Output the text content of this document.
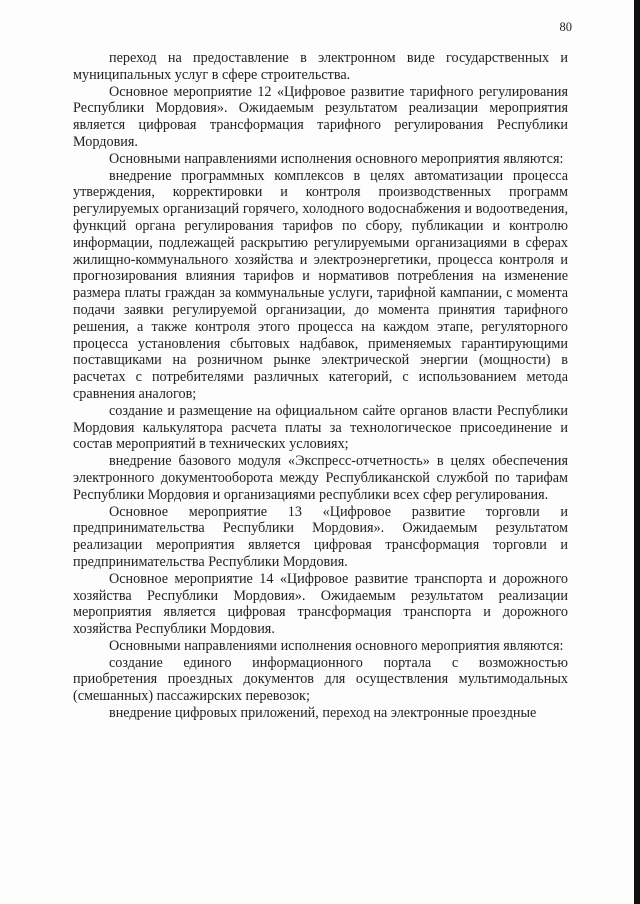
80

переход на предоставление в электронном виде государственных и муниципальных услуг в сфере строительства.

Основное мероприятие 12 «Цифровое развитие тарифного регулирования Республики Мордовия». Ожидаемым результатом реализации мероприятия является цифровая трансформация тарифного регулирования Республики Мордовия.

Основными направлениями исполнения основного мероприятия являются:

внедрение программных комплексов в целях автоматизации процесса утверждения, корректировки и контроля производственных программ регулируемых организаций горячего, холодного водоснабжения и водоотведения, функций органа регулирования тарифов по сбору, публикации и контролю информации, подлежащей раскрытию регулируемыми организациями в сферах жилищно-коммунального хозяйства и электроэнергетики, процесса контроля и прогнозирования влияния тарифов и нормативов потребления на изменение размера платы граждан за коммунальные услуги, тарифной кампании, с момента подачи заявки регулируемой организации, до момента принятия тарифного решения, а также контроля этого процесса на каждом этапе, регуляторного процесса установления сбытовых надбавок, применяемых гарантирующими поставщиками на розничном рынке электрической энергии (мощности) в расчетах с потребителями различных категорий, с использованием метода сравнения аналогов;

создание и размещение на официальном сайте органов власти Республики Мордовия калькулятора расчета платы за технологическое присоединение и состав мероприятий в технических условиях;

внедрение базового модуля «Экспресс-отчетность» в целях обеспечения электронного документооборота между Республиканской службой по тарифам Республики Мордовия и организациями республики всех сфер регулирования.

Основное мероприятие 13 «Цифровое развитие торговли и предпринимательства Республики Мордовия». Ожидаемым результатом реализации мероприятия является цифровая трансформация торговли и предпринимательства Республики Мордовия.

Основное мероприятие 14 «Цифровое развитие транспорта и дорожного хозяйства Республики Мордовия». Ожидаемым результатом реализации мероприятия является цифровая трансформация транспорта и дорожного хозяйства Республики Мордовия.

Основными направлениями исполнения основного мероприятия являются:

создание единого информационного портала с возможностью приобретения проездных документов для осуществления мультимодальных (смешанных) пассажирских перевозок;

внедрение цифровых приложений, переход на электронные проездные
